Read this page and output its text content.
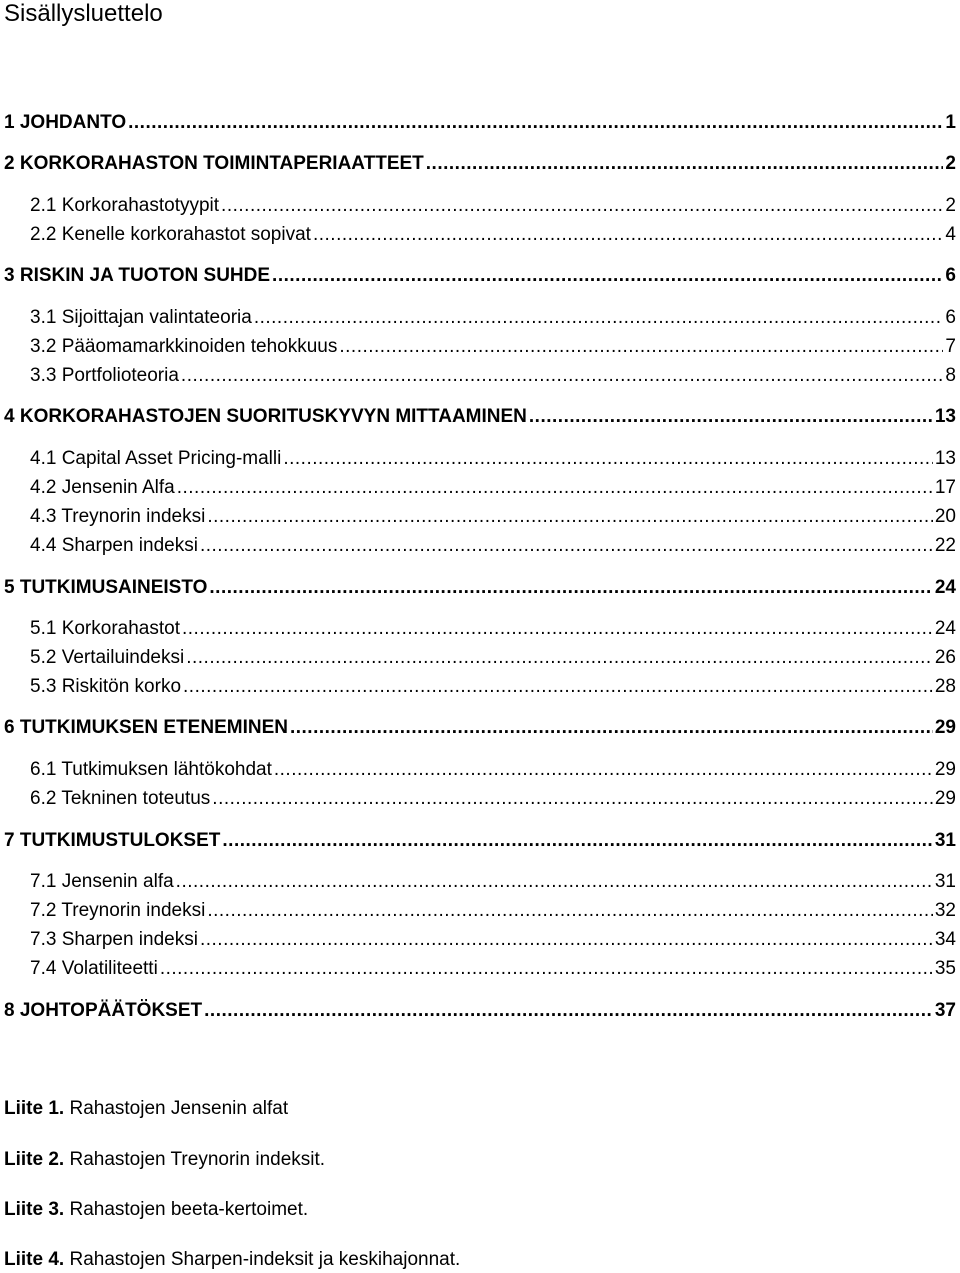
Sisällysluettelo
1 JOHDANTO .....	1
2 KORKORAHASTON TOIMINTAPERIAATTEET .....	2
2.1 Korkorahastotyypit .....	2
2.2 Kenelle korkorahastot sopivat .....	4
3 RISKIN JA TUOTON SUHDE .....	6
3.1 Sijoittajan valintateoria .....	6
3.2 Pääomamarkkinoiden tehokkuus .....	7
3.3 Portfolioteoria .....	8
4 KORKORAHASTOJEN SUORITUSKYVYN MITTAAMINEN .....	13
4.1 Capital Asset Pricing-malli .....	13
4.2 Jensenin Alfa .....	17
4.3 Treynorin indeksi .....	20
4.4 Sharpen indeksi .....	22
5 TUTKIMUSAINEISTO .....	24
5.1 Korkorahastot .....	24
5.2 Vertailuindeksi .....	26
5.3 Riskitön korko .....	28
6 TUTKIMUKSEN ETENEMINEN .....	29
6.1 Tutkimuksen lähtökohdat .....	29
6.2 Tekninen toteutus .....	29
7 TUTKIMUSTULOKSET .....	31
7.1 Jensenin alfa .....	31
7.2 Treynorin indeksi .....	32
7.3 Sharpen indeksi .....	34
7.4 Volatiliteetti .....	35
8 JOHTOPÄÄTÖKSET .....	37
Liite 1. Rahastojen Jensenin alfat
Liite 2. Rahastojen Treynorin indeksit.
Liite 3. Rahastojen beeta-kertoimet.
Liite 4. Rahastojen Sharpen-indeksit ja keskihajonnat.
